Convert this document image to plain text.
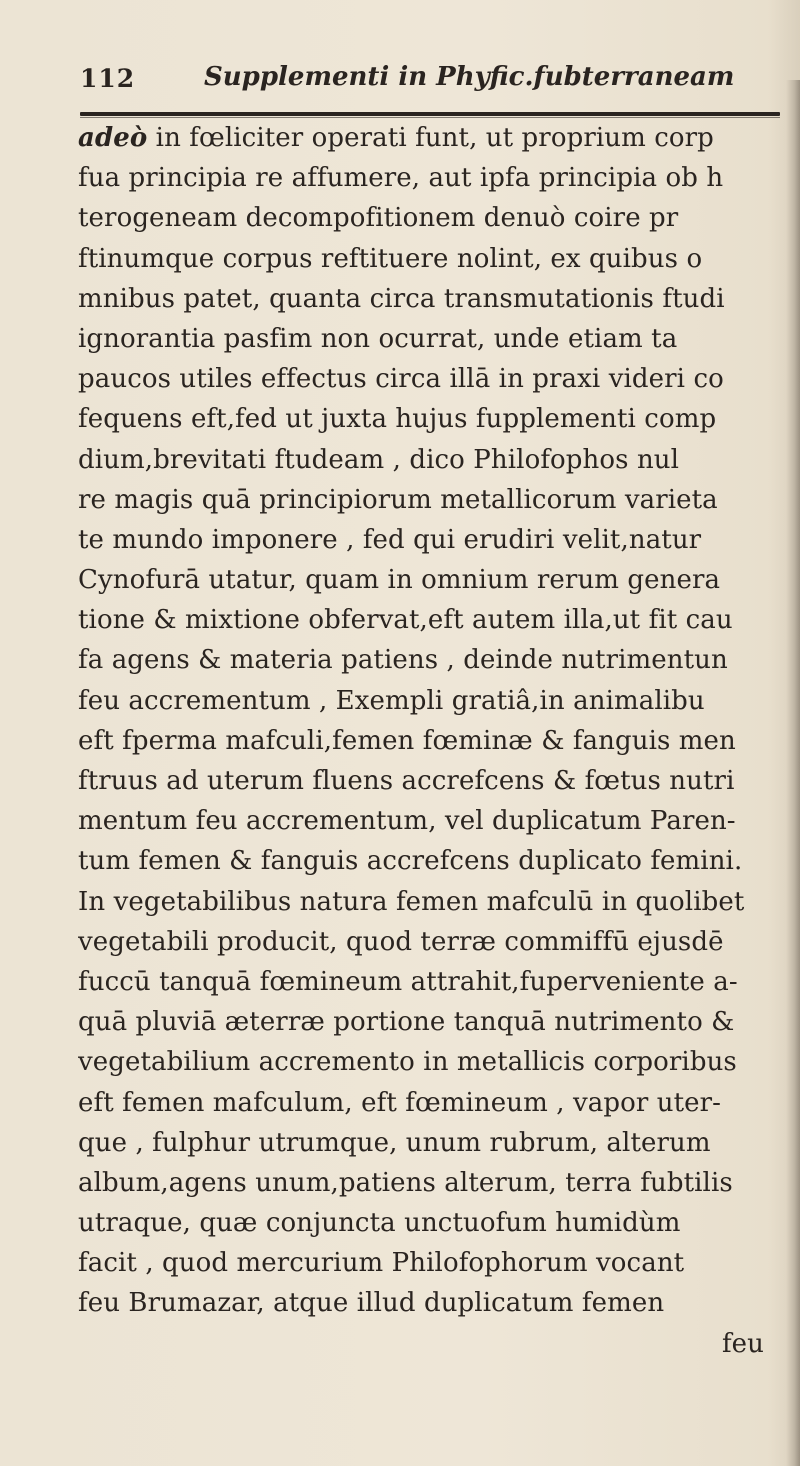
112	Supplementi in Phyfic.fubterraneam
adeò in fœliciter operati funt, ut proprium corp
fua principia re affumere, aut ipfa principia ob h
terogeneam decompofitionem denuò coire pr
ftinumque corpus reftituere nolint, ex quibus o
mnibus patet, quanta circa transmutationis ftudi
ignorantia pasfim non ocurrat, unde etiam ta
paucos utiles effectus circa illā in praxi videri co
fequens eft,fed ut juxta hujus fupplementi comp
dium,brevitati ftudeam , dico Philofophos nul
re magis quā principiorum metallicorum varieta
te mundo imponere , fed qui erudiri velit,natur
Cynofurā utatur, quam in omnium rerum genera
tione & mixtione obfervat,eft autem illa,ut fit cau
fa agens & materia patiens , deinde nutrimentun
feu accrementum , Exempli gratiâ,in animalibu
eft fperma mafculi,femen fœminæ & fanguis men
ftruus ad uterum fluens accrefcens & fœtus nutri
mentum feu accrementum, vel duplicatum Paren-
tum femen & fanguis accrefcens duplicato femini.
In vegetabilibus natura femen mafculū in quolibet
vegetabili producit, quod terræ commiffū ejusdē
fuccū tanquā fœmineum attrahit,fuperveniente a-
quā pluviā æterræ portione tanquā nutrimento &
vegetabilium accremento in metallicis corporibus
eft femen mafculum, eft fœmineum , vapor uter-
que , fulphur utrumque, unum rubrum, alterum
album,agens unum,patiens alterum, terra fubtilis
utraque, quæ conjuncta unctuofum humidùm
facit , quod mercurium Philofophorum vocant
feu Brumazar, atque illud duplicatum femen
feu
